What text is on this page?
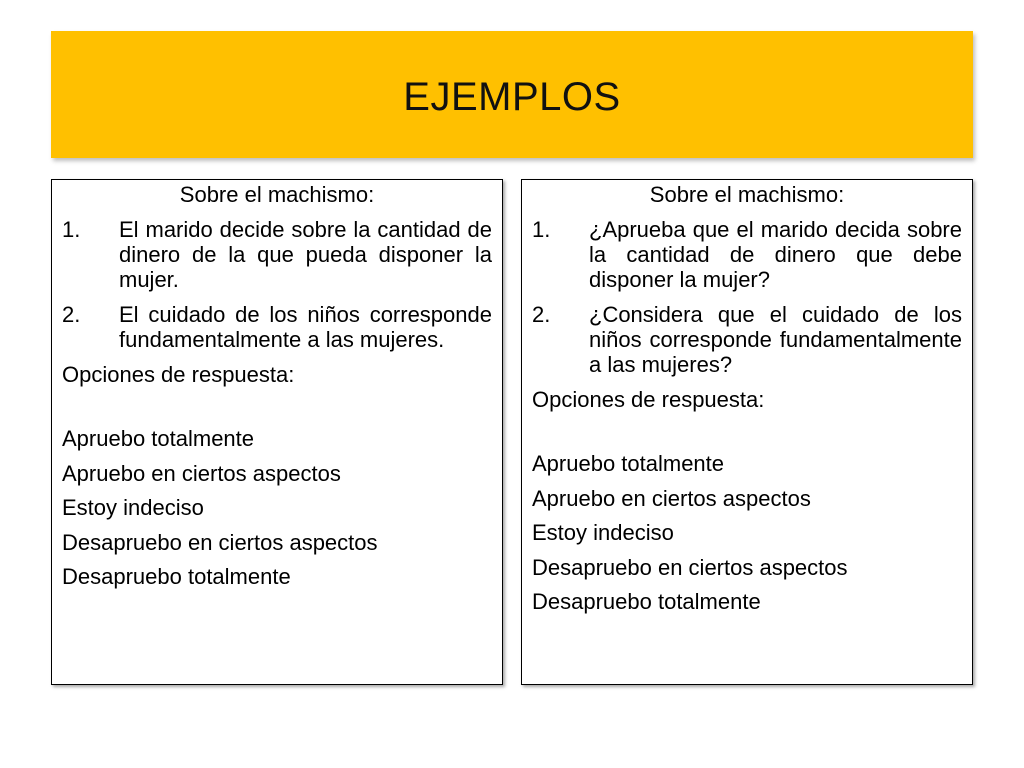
EJEMPLOS
Sobre el machismo:
1.	El marido decide sobre la cantidad de dinero de la que pueda disponer la mujer.
2.	El cuidado de los niños corresponde fundamentalmente a las mujeres.
Opciones de respuesta:
Apruebo totalmente
Apruebo en ciertos aspectos
Estoy indeciso
Desapruebo en ciertos aspectos
Desapruebo totalmente
Sobre el machismo:
1.	¿Aprueba que el marido decida sobre la cantidad de dinero que debe disponer la mujer?
2.	¿Considera que el cuidado de los niños corresponde fundamentalmente a las mujeres?
Opciones de respuesta:
Apruebo totalmente
Apruebo en ciertos aspectos
Estoy indeciso
Desapruebo en ciertos aspectos
Desapruebo totalmente
